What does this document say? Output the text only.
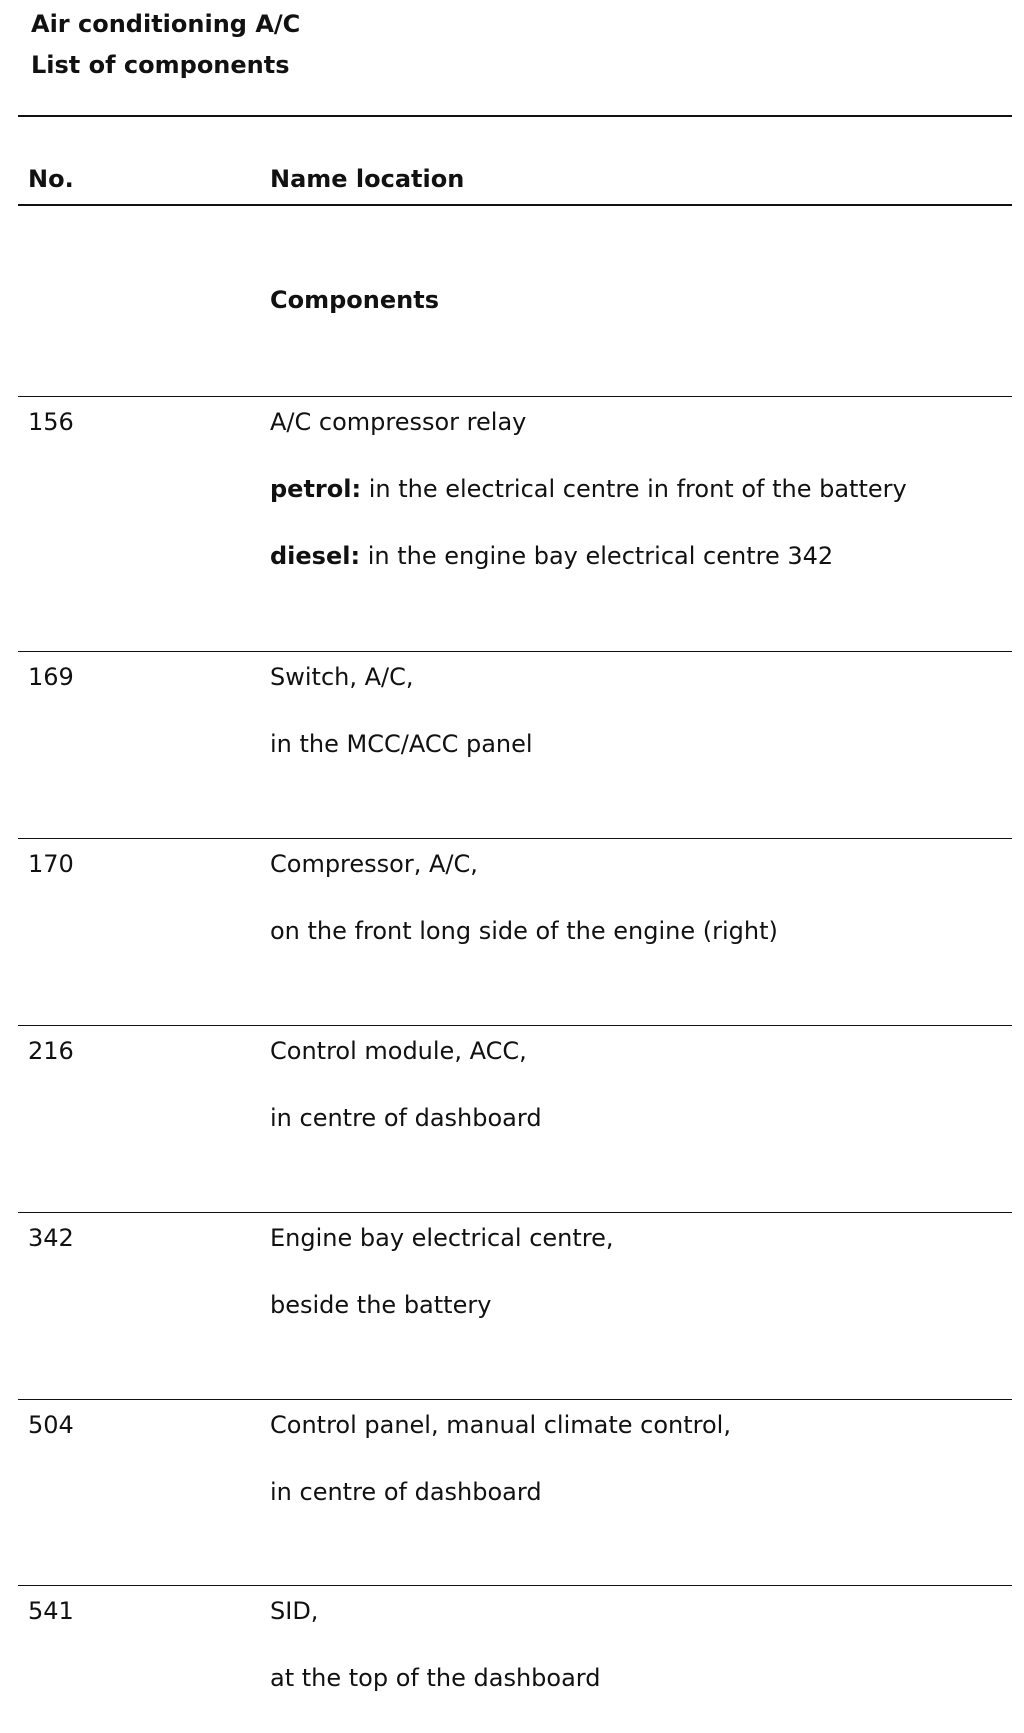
Air conditioning A/C
List of components
No.	Name location
Components
156	A/C compressor relay
petrol: in the electrical centre in front of the battery
diesel: in the engine bay electrical centre 342
169	Switch, A/C,
in the MCC/ACC panel
170	Compressor, A/C,
on the front long side of the engine (right)
216	Control module, ACC,
in centre of dashboard
342	Engine bay electrical centre,
beside the battery
504	Control panel, manual climate control,
in centre of dashboard
541	SID,
at the top of the dashboard
